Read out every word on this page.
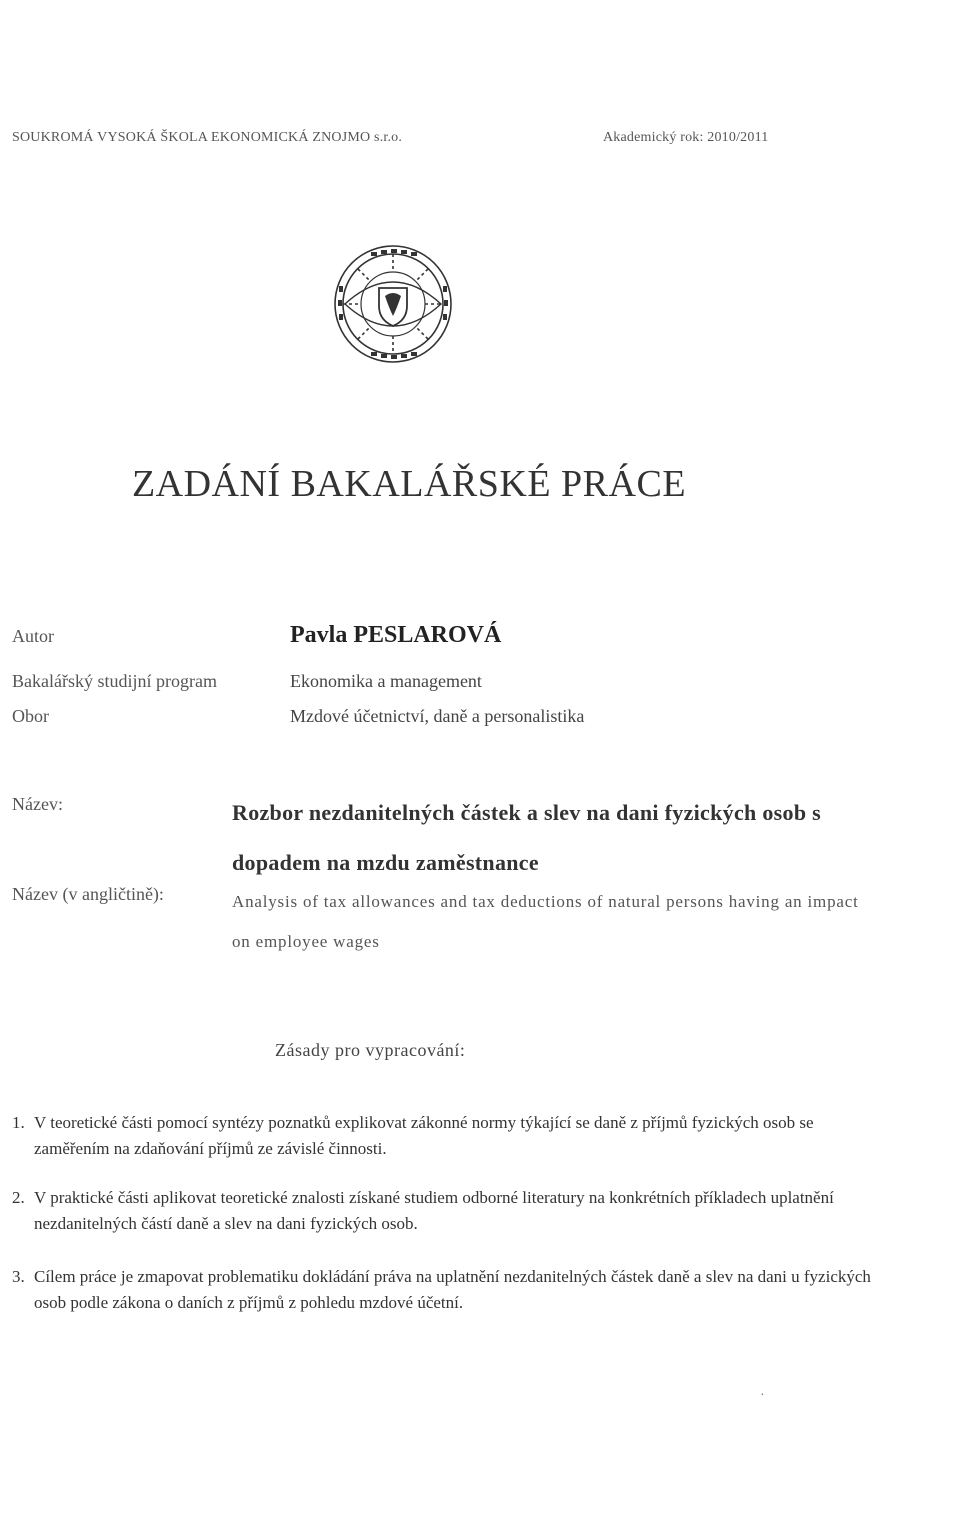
SOUKROMÁ VYSOKÁ ŠKOLA EKONOMICKÁ ZNOJMO s.r.o.	Akademický rok: 2010/2011

ZADÁNÍ BAKALÁŘSKÉ PRÁCE

Autor	Pavla PESLAROVÁ

Bakalářský studijní program	Ekonomika a management

Obor	Mzdové účetnictví, daně a personalistika

Název:	Rozbor nezdanitelných částek a slev na dani fyzických osob s dopadem na mzdu zaměstnance

Název (v angličtině):	Analysis of tax allowances and tax deductions of natural persons having an impact on employee wages

Zásady pro vypracování:

1. V teoretické části pomocí syntézy poznatků explikovat zákonné normy týkající se daně z příjmů fyzických osob se zaměřením na zdaňování příjmů ze závislé činnosti.
2. V praktické části aplikovat teoretické znalosti získané studiem odborné literatury na konkrétních příkladech uplatnění nezdanitelných částí daně a slev na dani fyzických osob.
3. Cílem práce je zmapovat problematiku dokládání práva na uplatnění nezdanitelných částek daně a slev na dani u fyzických osob podle zákona o daních z příjmů z pohledu mzdové účetní.
·
